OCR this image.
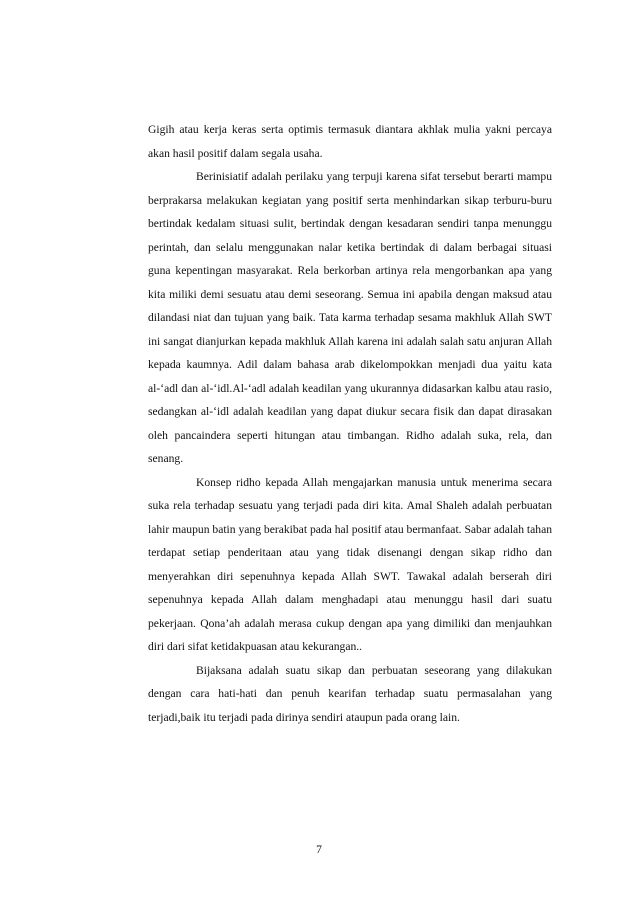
Gigih atau kerja keras serta optimis termasuk diantara akhlak mulia yakni percaya akan hasil positif dalam segala usaha.

Berinisiatif adalah perilaku yang terpuji karena sifat tersebut berarti mampu berprakarsa melakukan kegiatan yang positif serta menhindarkan sikap terburu-buru bertindak kedalam situasi sulit, bertindak dengan kesadaran sendiri tanpa menunggu perintah, dan selalu menggunakan nalar ketika bertindak di dalam berbagai situasi guna kepentingan masyarakat. Rela berkorban artinya rela mengorbankan apa yang kita miliki demi sesuatu atau demi seseorang. Semua ini apabila dengan maksud atau dilandasi niat dan tujuan yang baik. Tata karma terhadap sesama makhluk Allah SWT ini sangat dianjurkan kepada makhluk Allah karena ini adalah salah satu anjuran Allah kepada kaumnya. Adil dalam bahasa arab dikelompokkan menjadi dua yaitu kata al-‘adl dan al-‘idl.Al-‘adl adalah keadilan yang ukurannya didasarkan kalbu atau rasio, sedangkan al-‘idl adalah keadilan yang dapat diukur secara fisik dan dapat dirasakan oleh pancaindera seperti hitungan atau timbangan. Ridho adalah suka, rela, dan senang.

Konsep ridho kepada Allah mengajarkan manusia untuk menerima secara suka rela terhadap sesuatu yang terjadi pada diri kita. Amal Shaleh adalah perbuatan lahir maupun batin yang berakibat pada hal positif atau bermanfaat. Sabar adalah tahan terdapat setiap penderitaan atau yang tidak disenangi dengan sikap ridho dan menyerahkan diri sepenuhnya kepada Allah SWT. Tawakal adalah berserah diri sepenuhnya kepada Allah dalam menghadapi atau menunggu hasil dari suatu pekerjaan. Qona’ah adalah merasa cukup dengan apa yang dimiliki dan menjauhkan diri dari sifat ketidakpuasan atau kekurangan..

Bijaksana adalah suatu sikap dan perbuatan seseorang yang dilakukan dengan cara hati-hati dan penuh kearifan terhadap suatu permasalahan yang terjadi,baik itu terjadi pada dirinya sendiri ataupun pada orang lain.

7
